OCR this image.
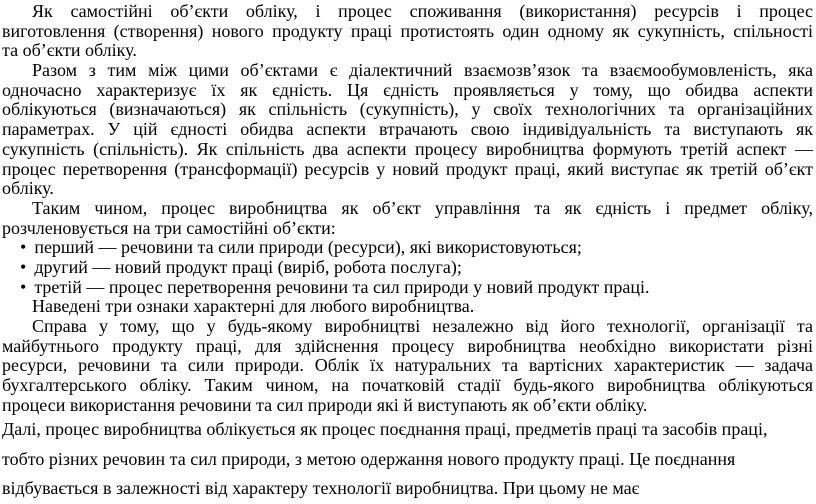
Як самостійні об’єкти обліку, і процес споживання (використання) ресурсів і процес
виготовлення (створення) нового продукту праці протистоять один одному як сукупність, спільності
та об’єкти обліку.
Разом з тим між цими об’єктами є діалектичний взаємозв’язок та взаємообумовленість, яка
одночасно характеризує їх як єдність. Ця єдність проявляється у тому, що обидва аспекти
облікуються (визначаються) як спільність (сукупність), у своїх технологічних та організаційних
параметрах. У цій єдності обидва аспекти втрачають свою індивідуальність та виступають як
сукупність (спільність). Як спільність два аспекти процесу виробництва формують третій аспект —
процес перетворення (трансформації) ресурсів у новий продукт праці, який виступає як третій об’єкт
обліку.
Таким чином, процес виробництва як об’єкт управління та як єдність і предмет обліку,
розчленовується на три самостійні об’єкти:
• перший — речовини та сили природи (ресурси), які використовуються;
• другий — новий продукт праці (виріб, робота послуга);
• третій — процес перетворення речовини та сил природи у новий продукт праці.
Наведені три ознаки характерні для любого виробництва.
Справа у тому, що у будь-якому виробництві незалежно від його технології, організації та
майбутнього продукту праці, для здійснення процесу виробництва необхідно використати різні
ресурси, речовини та сили природи. Облік їх натуральних та вартісних характеристик — задача
бухгалтерського обліку. Таким чином, на початковій стадії будь-якого виробництва облікуються
процеси використання речовини та сил природи які й виступають як об’єкти обліку.
Далі, процес виробництва облікується як процес поєднання праці, предметів праці та засобів праці,
тобто різних речовин та сил природи, з метою одержання нового продукту праці. Це поєднання
відбувається в залежності від характеру технології виробництва. При цьому не має
